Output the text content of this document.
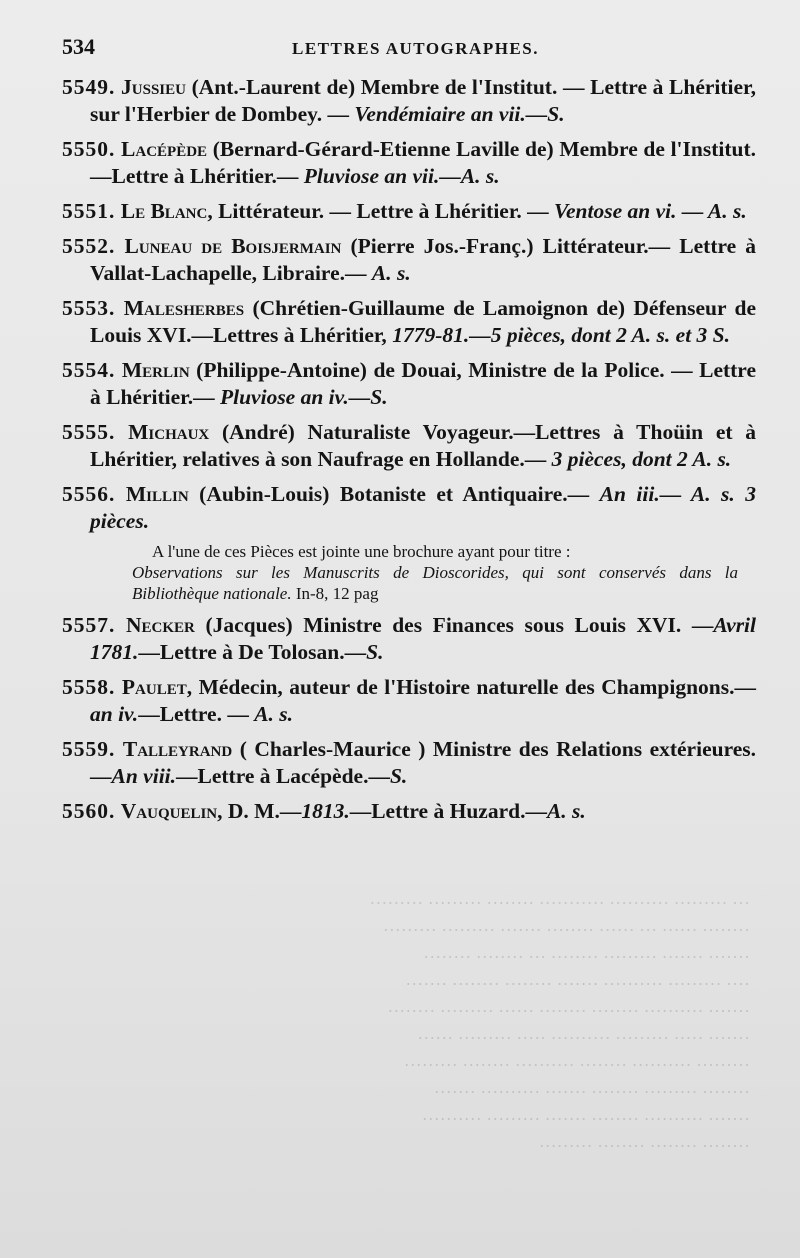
··· ········· ·········· ··········· ········ ········· ·········
········ ······ ··· ······ ········ ······· ········· ·········
······· ······· ········· ········ ··· ········ ········
···· ········· ·········· ······· ········ ········ ·······
······· ·········· ········ ········ ······ ········· ········
······· ····· ········· ·········· ····· ········· ······
········· ·········· ········ ·········· ········ ·········
········ ········· ········ ······· ·········· ·······
······· ·········· ········ ······· ········· ··········
········ ········ ········ ·········
534	LETTRES AUTOGRAPHES.
5549. Jussieu (Ant.-Laurent de) Membre de l'Institut. — Lettre à Lhéritier, sur l'Herbier de Dombey. — Vendémiaire an vii.—S.
5550. Lacépède (Bernard-Gérard-Etienne Laville de) Membre de l'Institut.—Lettre à Lhéritier.— Pluviose an vii.—A. s.
5551. Le Blanc, Littérateur. — Lettre à Lhéritier. — Ventose an vi. — A. s.
5552. Luneau de Boisjermain (Pierre Jos.-Franç.) Littérateur.— Lettre à Vallat-Lachapelle, Libraire.— A. s.
5553. Malesherbes (Chrétien-Guillaume de Lamoignon de) Défenseur de Louis XVI.—Lettres à Lhéritier, 1779-81.—5 pièces, dont 2 A. s. et 3 S.
5554. Merlin (Philippe-Antoine) de Douai, Ministre de la Police. — Lettre à Lhéritier.— Pluviose an iv.—S.
5555. Michaux (André) Naturaliste Voyageur.—Lettres à Thoüin et à Lhéritier, relatives à son Naufrage en Hollande.— 3 pièces, dont 2 A. s.
5556. Millin (Aubin-Louis) Botaniste et Antiquaire.— An iii.— A. s. 3 pièces.
A l'une de ces Pièces est jointe une brochure ayant pour titre :
Observations sur les Manuscrits de Dioscorides, qui sont conservés dans la Bibliothèque nationale. In-8, 12 pag
5557. Necker (Jacques) Ministre des Finances sous Louis XVI. —Avril 1781.—Lettre à De Tolosan.—S.
5558. Paulet, Médecin, auteur de l'Histoire naturelle des Champignons.—an iv.—Lettre. — A. s.
5559. Talleyrand ( Charles-Maurice ) Ministre des Relations extérieures.—An viii.—Lettre à Lacépède.—S.
5560. Vauquelin, D. M.—1813.—Lettre à Huzard.—A. s.
